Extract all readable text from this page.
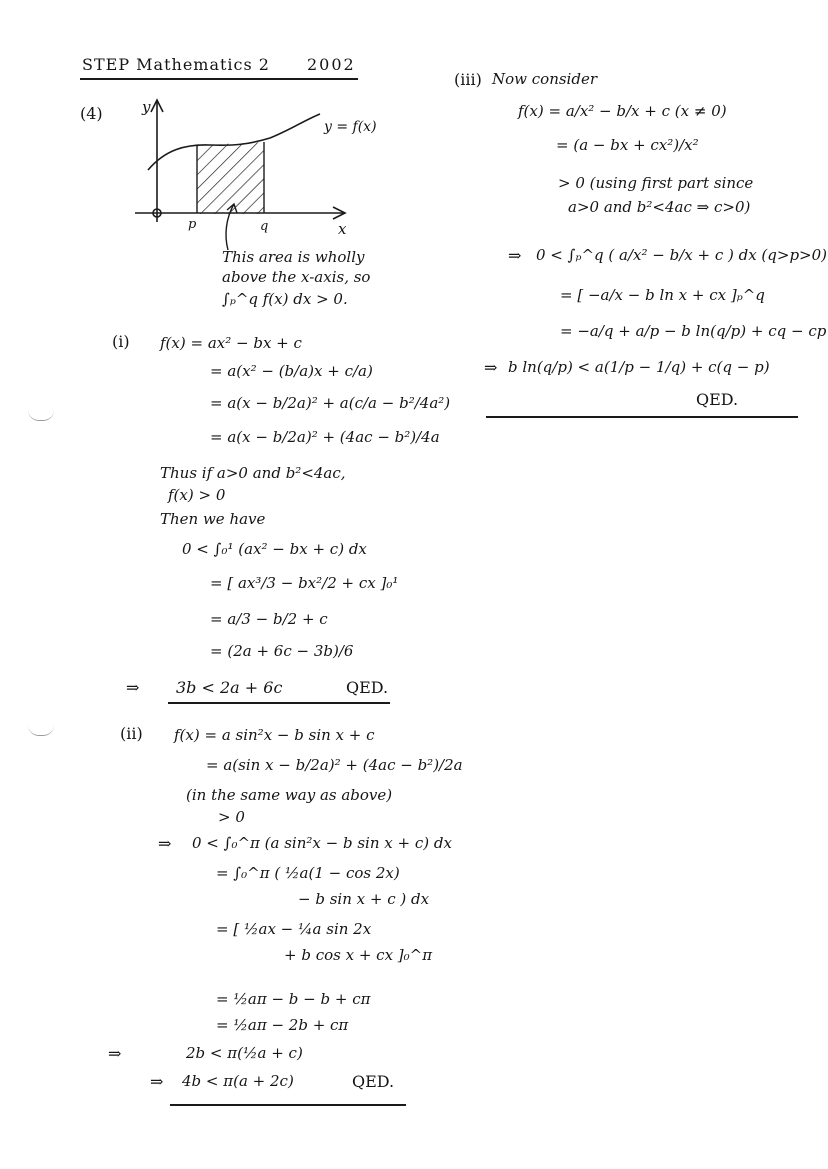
STEP Mathematics 2 2002
(4)	y
x
y = f(x)
p	q
This area is wholly
above the x-axis, so
∫ₚ^q f(x) dx > 0.
(i) f(x) = ax² − bx + c
= a(x² − (b/a)x + c/a)
= a(x − b/2a)² + a(c/a − b²/4a²)
= a(x − b/2a)² + (4ac − b²)/4a
Thus if a>0 and b²<4ac,
f(x) > 0
Then we have
0 < ∫₀¹ (ax² − bx + c) dx
= [ ax³/3 − bx²/2 + cx ]₀¹
= a/3 − b/2 + c
= (2a + 6c − 3b)/6
⇒ 3b < 2a + 6c	QED.
(ii) f(x) = a sin²x − b sin x + c
= a(sin x − b/2a)² + (4ac − b²)/2a
(in the same way as above)
> 0
⇒ 0 < ∫₀^π (a sin²x − b sin x + c) dx
= ∫₀^π ( ½a(1 − cos 2x)
− b sin x + c ) dx
= [ ½ax − ¼a sin 2x
+ b cos x + cx ]₀^π
= ½aπ − b − b + cπ
= ½aπ − 2b + cπ
⇒	2b < π(½a + c)
⇒ 4b < π(a + 2c)	QED.
(iii) Now consider
f(x) = a/x² − b/x + c (x ≠ 0)
= (a − bx + cx²)/x²
> 0 (using first part since
a>0 and b²<4ac ⇒ c>0)
⇒ 0 < ∫ₚ^q ( a/x² − b/x + c ) dx (q>p>0)
= [ −a/x − b ln x + cx ]ₚ^q
= −a/q + a/p − b ln(q/p) + cq − cp
⇒ b ln(q/p) < a(1/p − 1/q) + c(q − p)
QED.
